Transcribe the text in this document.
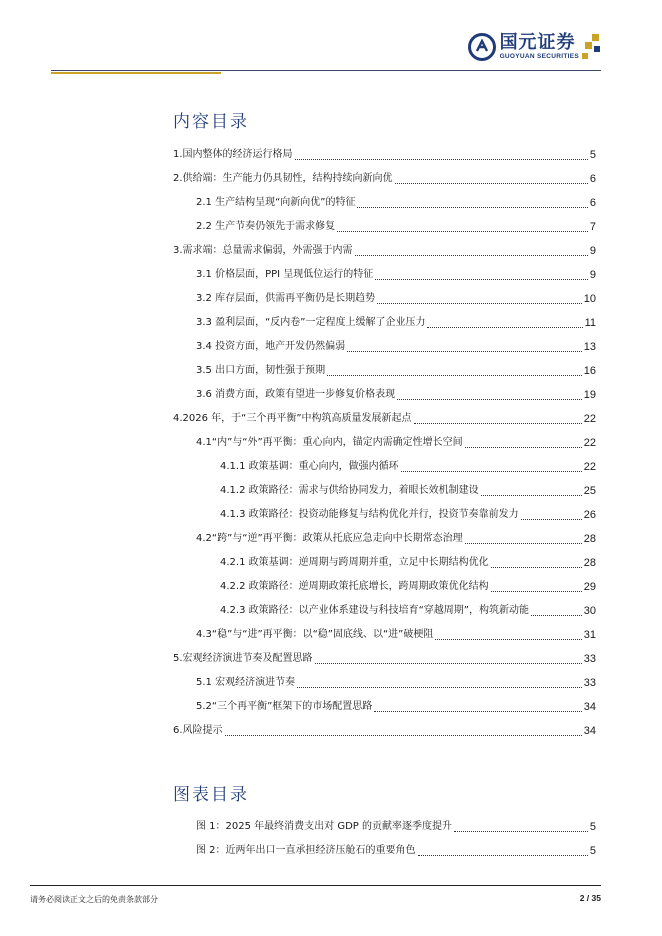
国元证券
GUOYUAN SECURITIES
内容目录
1.国内整体的经济运行格局	5
2.供给端：生产能力仍具韧性，结构持续向新向优	6
2.1 生产结构呈现“向新向优”的特征	6
2.2 生产节奏仍领先于需求修复	7
3.需求端：总量需求偏弱，外需强于内需	9
3.1 价格层面，PPI 呈现低位运行的特征	9
3.2 库存层面，供需再平衡仍是长期趋势	10
3.3 盈利层面，“反内卷”一定程度上缓解了企业压力	11
3.4 投资方面，地产开发仍然偏弱	13
3.5 出口方面，韧性强于预期	16
3.6 消费方面，政策有望进一步修复价格表现	19
4.2026 年，于“三个再平衡”中构筑高质量发展新起点	22
4.1“内”与“外”再平衡：重心向内，锚定内需确定性增长空间	22
4.1.1 政策基调：重心向内，做强内循环	22
4.1.2 政策路径：需求与供给协同发力，着眼长效机制建设	25
4.1.3 政策路径：投资动能修复与结构优化并行，投资节奏靠前发力	26
4.2“跨”与“逆”再平衡：政策从托底应急走向中长期常态治理	28
4.2.1 政策基调：逆周期与跨周期并重，立足中长期结构优化	28
4.2.2 政策路径：逆周期政策托底增长，跨周期政策优化结构	29
4.2.3 政策路径：以产业体系建设与科技培育“穿越周期”，构筑新动能	30
4.3“稳”与“进”再平衡：以“稳”固底线、以“进”破梗阻	31
5.宏观经济演进节奏及配置思路	33
5.1 宏观经济演进节奏	33
5.2“三个再平衡”框架下的市场配置思路	34
6.风险提示	34
图表目录
图 1：2025 年最终消费支出对 GDP 的贡献率逐季度提升	5
图 2：近两年出口一直承担经济压舱石的重要角色	5
请务必阅读正文之后的免责条款部分	2 / 35
